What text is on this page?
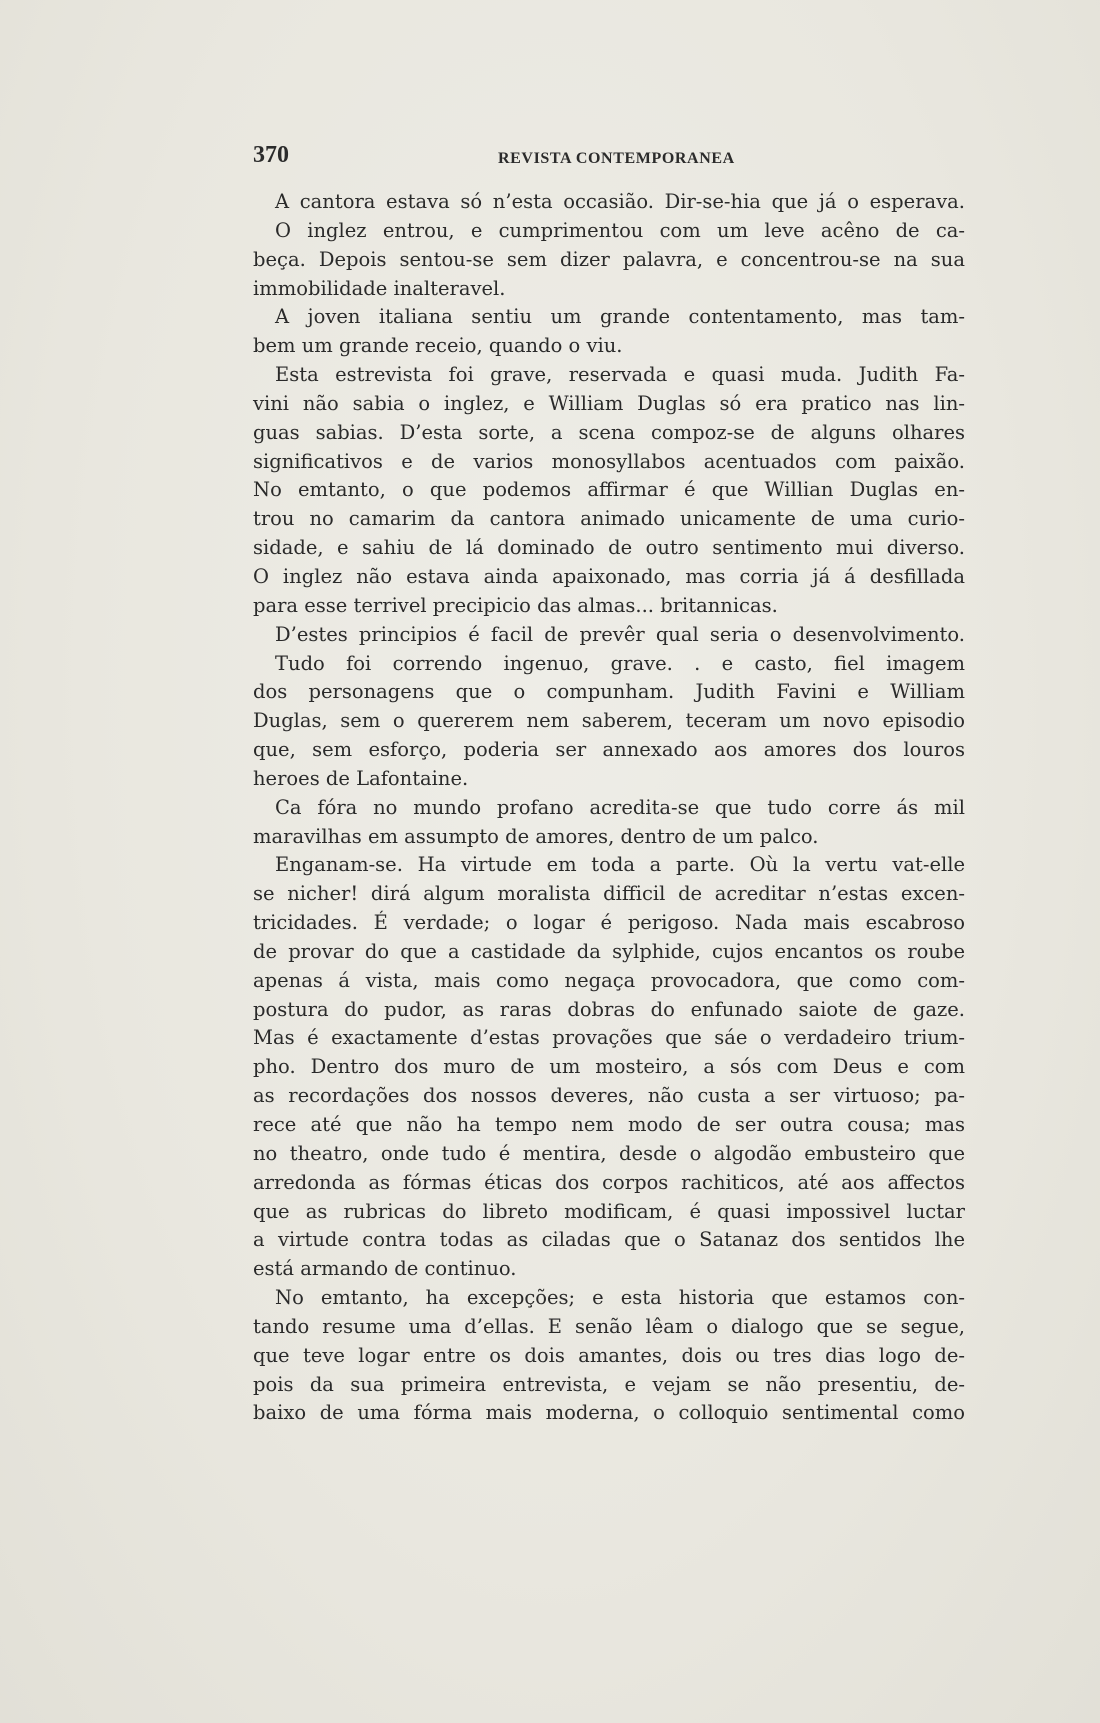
370	REVISTA CONTEMPORANEA
A cantora estava só n’esta occasião. Dir-se-hia que já o esperava.
O inglez entrou, e cumprimentou com um leve acêno de ca-
beça. Depois sentou-se sem dizer palavra, e concentrou-se na sua
immobilidade inalteravel.
A joven italiana sentiu um grande contentamento, mas tam-
bem um grande receio, quando o viu.
Esta estrevista foi grave, reservada e quasi muda. Judith Fa-
vini não sabia o inglez, e William Duglas só era pratico nas lin-
guas sabias. D’esta sorte, a scena compoz-se de alguns olhares
significativos e de varios monosyllabos acentuados com paixão.
No emtanto, o que podemos affirmar é que Willian Duglas en-
trou no camarim da cantora animado unicamente de uma curio-
sidade, e sahiu de lá dominado de outro sentimento mui diverso.
O inglez não estava ainda apaixonado, mas corria já á desfillada
para esse terrivel precipicio das almas... britannicas.
D’estes principios é facil de prevêr qual seria o desenvolvimento.
Tudo foi correndo ingenuo, grave. . e casto, fiel imagem
dos personagens que o compunham. Judith Favini e William
Duglas, sem o quererem nem saberem, teceram um novo episodio
que, sem esforço, poderia ser annexado aos amores dos louros
heroes de Lafontaine.
Ca fóra no mundo profano acredita-se que tudo corre ás mil
maravilhas em assumpto de amores, dentro de um palco.
Enganam-se. Ha virtude em toda a parte. Où la vertu vat-elle
se nicher! dirá algum moralista difficil de acreditar n’estas excen-
tricidades. É verdade; o logar é perigoso. Nada mais escabroso
de provar do que a castidade da sylphide, cujos encantos os roube
apenas á vista, mais como negaça provocadora, que como com-
postura do pudor, as raras dobras do enfunado saiote de gaze.
Mas é exactamente d’estas provações que sáe o verdadeiro trium-
pho. Dentro dos muro de um mosteiro, a sós com Deus e com
as recordações dos nossos deveres, não custa a ser virtuoso; pa-
rece até que não ha tempo nem modo de ser outra cousa; mas
no theatro, onde tudo é mentira, desde o algodão embusteiro que
arredonda as fórmas éticas dos corpos rachiticos, até aos affectos
que as rubricas do libreto modificam, é quasi impossivel luctar
a virtude contra todas as ciladas que o Satanaz dos sentidos lhe
está armando de continuo.
No emtanto, ha excepções; e esta historia que estamos con-
tando resume uma d’ellas. E senão lêam o dialogo que se segue,
que teve logar entre os dois amantes, dois ou tres dias logo de-
pois da sua primeira entrevista, e vejam se não presentiu, de-
baixo de uma fórma mais moderna, o colloquio sentimental como
